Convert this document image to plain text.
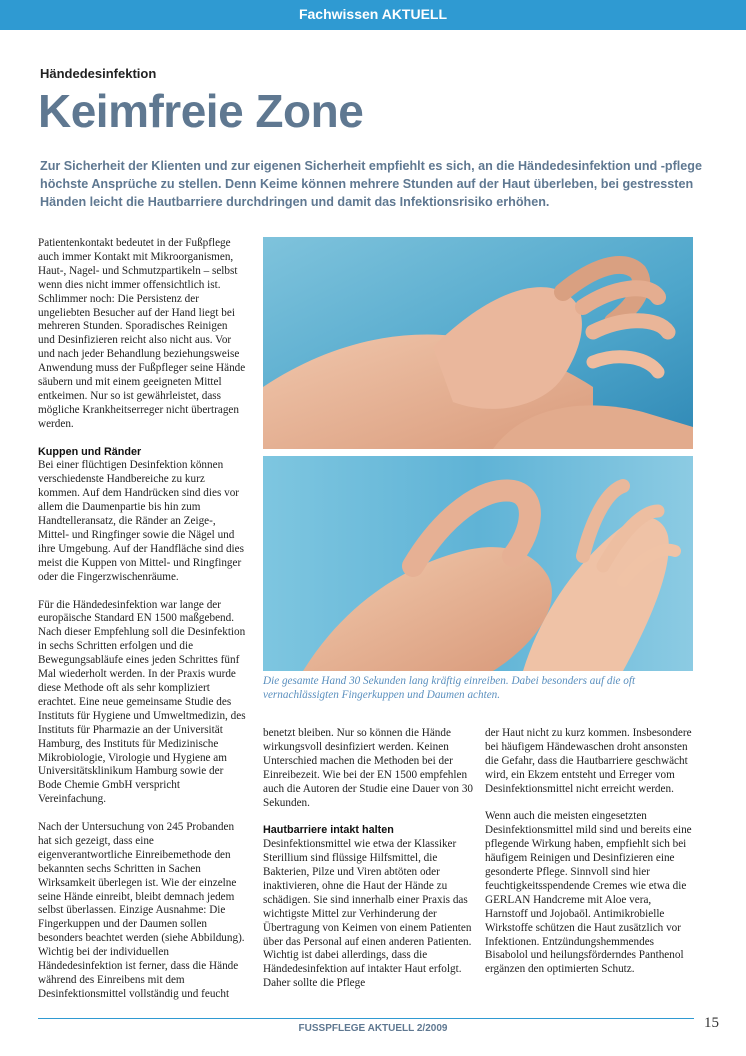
Fachwissen AKTUELL
Händedesinfektion
Keimfreie Zone
Zur Sicherheit der Klienten und zur eigenen Sicherheit empfiehlt es sich, an die Händedesinfektion und -pflege höchste Ansprüche zu stellen. Denn Keime können mehrere Stunden auf der Haut überleben, bei gestressten Händen leicht die Hautbarriere durchdringen und damit das Infektionsrisiko erhöhen.

Patientenkontakt bedeutet in der Fußpflege auch immer Kontakt mit Mikroorganismen, Haut-, Nagel- und Schmutzpartikeln – selbst wenn dies nicht immer offensichtlich ist. Schlimmer noch: Die Persistenz der ungeliebten Besucher auf der Hand liegt bei mehreren Stunden. Sporadisches Reinigen und Desinfizieren reicht also nicht aus. Vor und nach jeder Behandlung beziehungsweise Anwendung muss der Fußpfleger seine Hände säubern und mit einem geeigneten Mittel entkeimen. Nur so ist gewährleistet, dass mögliche Krankheitserreger nicht übertragen werden.

Kuppen und Ränder

Bei einer flüchtigen Desinfektion können verschiedenste Handbereiche zu kurz kommen. Auf dem Handrücken sind dies vor allem die Daumenpartie bis hin zum Handtelleransatz, die Ränder an Zeige-, Mittel- und Ringfinger sowie die Nägel und ihre Umgebung. Auf der Handfläche sind dies meist die Kuppen von Mittel- und Ringfinger oder die Fingerzwischenräume.

Für die Händedesinfektion war lange der europäische Standard EN 1500 maßgebend. Nach dieser Empfehlung soll die Desinfektion in sechs Schritten erfolgen und die Bewegungsabläufe eines jeden Schrittes fünf Mal wiederholt werden. In der Praxis wurde diese Methode oft als sehr kompliziert erachtet. Eine neue gemeinsame Studie des Instituts für Hygiene und Umweltmedizin, des Instituts für Pharmazie an der Universität Hamburg, des Instituts für Medizinische Mikrobiologie, Virologie und Hygiene am Universitätsklinikum Hamburg sowie der Bode Chemie GmbH verspricht Vereinfachung.

Nach der Untersuchung von 245 Probanden hat sich gezeigt, dass eine eigenverantwortliche Einreibemethode den bekannten sechs Schritten in Sachen Wirksamkeit überlegen ist. Wie der einzelne seine Hände einreibt, bleibt demnach jedem selbst überlassen. Einzige Ausnahme: Die Fingerkuppen und der Daumen sollen besonders beachtet werden (siehe Abbildung). Wichtig bei der individuellen Händedesinfektion ist ferner, dass die Hände während des Einreibens mit dem Desinfektionsmittel vollständig und feucht

Die gesamte Hand 30 Sekunden lang kräftig einreiben. Dabei besonders auf die oft vernachlässigten Fingerkuppen und Daumen achten.

benetzt bleiben. Nur so können die Hände wirkungsvoll desinfiziert werden. Keinen Unterschied machen die Methoden bei der Einreibezeit. Wie bei der EN 1500 empfehlen auch die Autoren der Studie eine Dauer von 30 Sekunden.

Hautbarriere intakt halten

Desinfektionsmittel wie etwa der Klassiker Sterillium sind flüssige Hilfsmittel, die Bakterien, Pilze und Viren abtöten oder inaktivieren, ohne die Haut der Hände zu schädigen. Sie sind innerhalb einer Praxis das wichtigste Mittel zur Verhinderung der Übertragung von Keimen von einem Patienten über das Personal auf einen anderen Patienten. Wichtig ist dabei allerdings, dass die Händedesinfektion auf intakter Haut erfolgt. Daher sollte die Pflege

der Haut nicht zu kurz kommen. Insbesondere bei häufigem Händewaschen droht ansonsten die Gefahr, dass die Hautbarriere geschwächt wird, ein Ekzem entsteht und Erreger vom Desinfektionsmittel nicht erreicht werden.

Wenn auch die meisten eingesetzten Desinfektionsmittel mild sind und bereits eine pflegende Wirkung haben, empfiehlt sich bei häufigem Reinigen und Desinfizieren eine gesonderte Pflege. Sinnvoll sind hier feuchtigkeitsspendende Cremes wie etwa die GERLAN Handcreme mit Aloe vera, Harnstoff und Jojobaöl. Antimikrobielle Wirkstoffe schützen die Haut zusätzlich vor Infektionen. Entzündungshemmendes Bisabolol und heilungsförderndes Panthenol ergänzen den optimierten Schutz.

FUSSPFLEGE AKTUELL 2/2009	15
